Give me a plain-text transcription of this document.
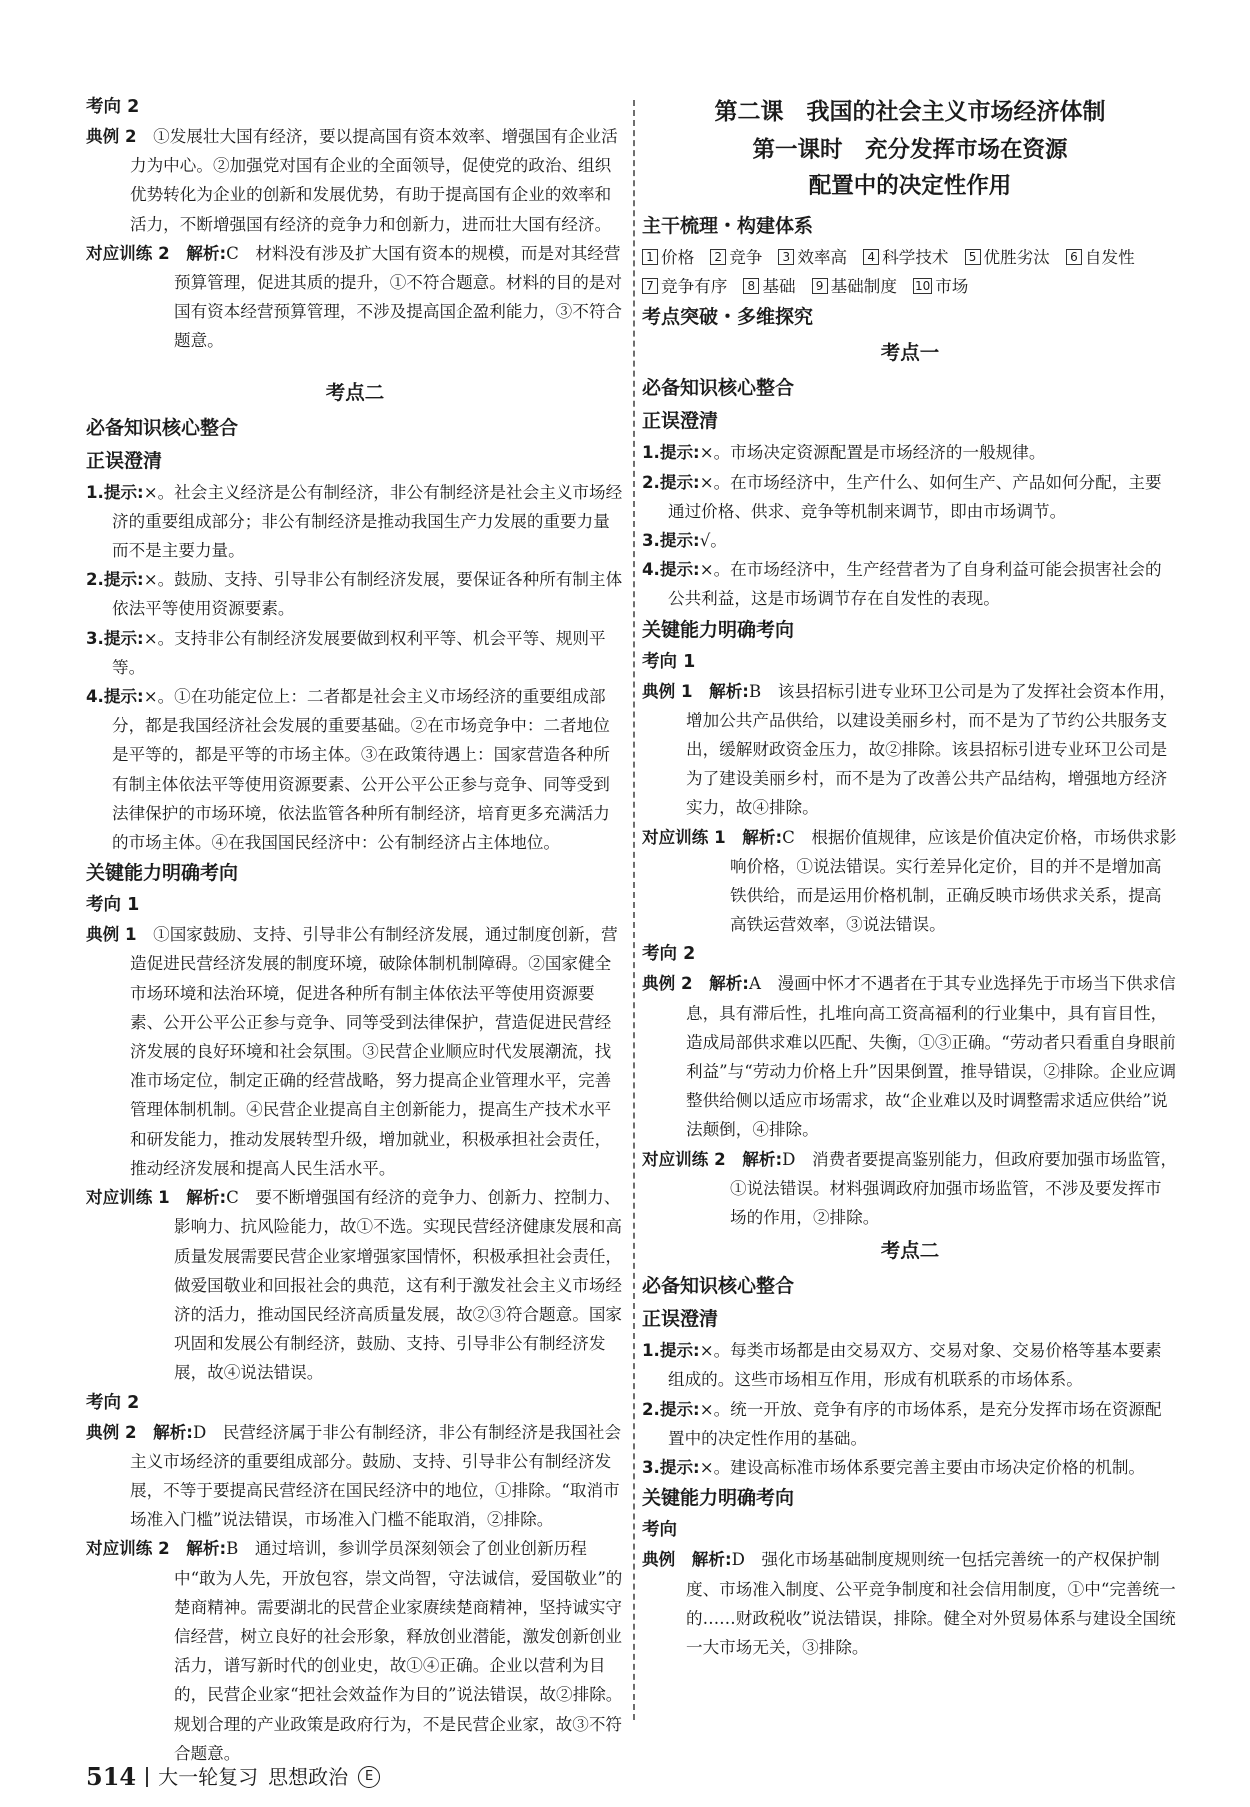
考向 2

典例 2　 ①发展壮大国有经济，要以提高国有资本效率、增强国有企业活力为中心。②加强党对国有企业的全面领导，促使党的政治、组织优势转化为企业的创新和发展优势，有助于提高国有企业的效率和活力，不断增强国有经济的竞争力和创新力，进而壮大国有经济。

对应训练 2　 解析:C　材料没有涉及扩大国有资本的规模，而是对其经营预算管理，促进其质的提升，①不符合题意。材料的目的是对国有资本经营预算管理，不涉及提高国企盈利能力，③不符合题意。

考点二

必备知识核心整合

正误澄清

1.提示:×。社会主义经济是公有制经济，非公有制经济是社会主义市场经济的重要组成部分；非公有制经济是推动我国生产力发展的重要力量而不是主要力量。

2.提示:×。鼓励、支持、引导非公有制经济发展，要保证各种所有制主体依法平等使用资源要素。

3.提示:×。支持非公有制经济发展要做到权利平等、机会平等、规则平等。

4.提示:×。①在功能定位上：二者都是社会主义市场经济的重要组成部分，都是我国经济社会发展的重要基础。②在市场竞争中：二者地位是平等的，都是平等的市场主体。③在政策待遇上：国家营造各种所有制主体依法平等使用资源要素、公开公平公正参与竞争、同等受到法律保护的市场环境，依法监管各种所有制经济，培育更多充满活力的市场主体。④在我国国民经济中：公有制经济占主体地位。

关键能力明确考向

考向 1

典例 1　 ①国家鼓励、支持、引导非公有制经济发展，通过制度创新，营造促进民营经济发展的制度环境，破除体制机制障碍。②国家健全市场环境和法治环境，促进各种所有制主体依法平等使用资源要素、公开公平公正参与竞争、同等受到法律保护，营造促进民营经济发展的良好环境和社会氛围。③民营企业顺应时代发展潮流，找准市场定位，制定正确的经营战略，努力提高企业管理水平，完善管理体制机制。④民营企业提高自主创新能力，提高生产技术水平和研发能力，推动发展转型升级，增加就业，积极承担社会责任，推动经济发展和提高人民生活水平。

对应训练 1　 解析:C　要不断增强国有经济的竞争力、创新力、控制力、影响力、抗风险能力，故①不选。实现民营经济健康发展和高质量发展需要民营企业家增强家国情怀，积极承担社会责任，做爱国敬业和回报社会的典范，这有利于激发社会主义市场经济的活力，推动国民经济高质量发展，故②③符合题意。国家巩固和发展公有制经济，鼓励、支持、引导非公有制经济发展，故④说法错误。

考向 2

典例 2　 解析:D　民营经济属于非公有制经济，非公有制经济是我国社会主义市场经济的重要组成部分。鼓励、支持、引导非公有制经济发展，不等于要提高民营经济在国民经济中的地位，①排除。“取消市场准入门槛”说法错误，市场准入门槛不能取消，②排除。

对应训练 2　 解析:B　通过培训，参训学员深刻领会了创业创新历程中“敢为人先，开放包容，崇文尚智，守法诚信，爱国敬业”的楚商精神。需要湖北的民营企业家赓续楚商精神，坚持诚实守信经营，树立良好的社会形象，释放创业潜能，激发创新创业活力，谱写新时代的创业史，故①④正确。企业以营利为目的，民营企业家“把社会效益作为目的”说法错误，故②排除。规划合理的产业政策是政府行为，不是民营企业家，故③不符合题意。

第二课　我国的社会主义市场经济体制

第一课时　充分发挥市场在资源

配置中的决定性作用

主干梳理・构建体系

1 价格	2 竞争	3 效率高	4 科学技术	5 优胜劣汰	6 自发性
7 竞争有序	8 基础	9 基础制度 10 市场

考点突破・多维探究

考点一

必备知识核心整合

正误澄清

1.提示:×。市场决定资源配置是市场经济的一般规律。

2.提示:×。在市场经济中，生产什么、如何生产、产品如何分配，主要通过价格、供求、竞争等机制来调节，即由市场调节。

3.提示:√。

4.提示:×。在市场经济中，生产经营者为了自身利益可能会损害社会的公共利益，这是市场调节存在自发性的表现。

关键能力明确考向

考向 1

典例 1　 解析:B　该县招标引进专业环卫公司是为了发挥社会资本作用，增加公共产品供给，以建设美丽乡村，而不是为了节约公共服务支出，缓解财政资金压力，故②排除。该县招标引进专业环卫公司是为了建设美丽乡村，而不是为了改善公共产品结构，增强地方经济实力，故④排除。

对应训练 1　 解析:C　根据价值规律，应该是价值决定价格，市场供求影响价格，①说法错误。实行差异化定价，目的并不是增加高铁供给，而是运用价格机制，正确反映市场供求关系，提高高铁运营效率，③说法错误。

考向 2

典例 2　 解析:A　漫画中怀才不遇者在于其专业选择先于市场当下供求信息，具有滞后性，扎堆向高工资高福利的行业集中，具有盲目性，造成局部供求难以匹配、失衡，①③正确。“劳动者只看重自身眼前利益”与“劳动力价格上升”因果倒置，推导错误，②排除。企业应调整供给侧以适应市场需求，故“企业难以及时调整需求适应供给”说法颠倒，④排除。

对应训练 2　 解析:D　消费者要提高鉴别能力，但政府要加强市场监管，①说法错误。材料强调政府加强市场监管，不涉及要发挥市场的作用，②排除。

考点二

必备知识核心整合

正误澄清

1.提示:×。每类市场都是由交易双方、交易对象、交易价格等基本要素组成的。这些市场相互作用，形成有机联系的市场体系。

2.提示:×。统一开放、竞争有序的市场体系，是充分发挥市场在资源配置中的决定性作用的基础。

3.提示:×。建设高标准市场体系要完善主要由市场决定价格的机制。

关键能力明确考向

考向

典例　 解析:D　强化市场基础制度规则统一包括完善统一的产权保护制度、市场准入制度、公平竞争制度和社会信用制度，①中“完善统一的……财政税收”说法错误，排除。健全对外贸易体系与建设全国统一大市场无关，③排除。

514 大一轮复习 思想政治	E
